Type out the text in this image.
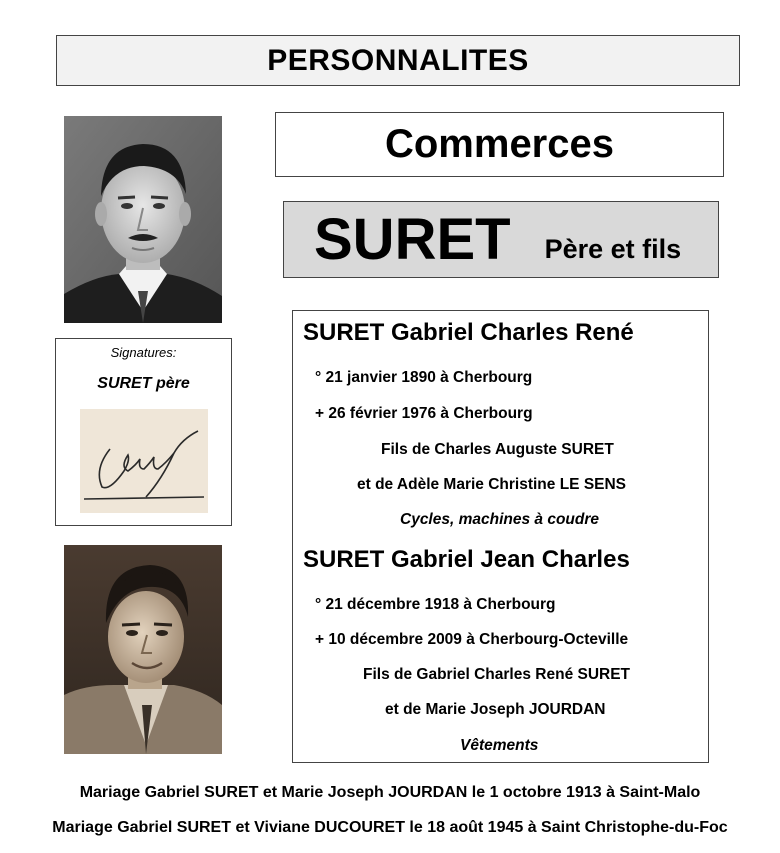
PERSONNALITES
Commerces
SURET Père et fils
Signatures:
SURET père
SURET Gabriel Charles René
° 21 janvier 1890 à Cherbourg
+ 26 février 1976 à Cherbourg
Fils de Charles Auguste SURET
et de Adèle Marie Christine LE SENS
Cycles, machines à coudre
SURET Gabriel Jean Charles
° 21 décembre 1918 à Cherbourg
+ 10 décembre 2009 à Cherbourg-Octeville
Fils de Gabriel Charles René SURET
et de Marie Joseph JOURDAN
Vêtements
Mariage Gabriel SURET et Marie Joseph JOURDAN le 1 octobre 1913 à Saint-Malo
Mariage Gabriel SURET et Viviane DUCOURET le 18 août 1945 à Saint Christophe-du-Foc
